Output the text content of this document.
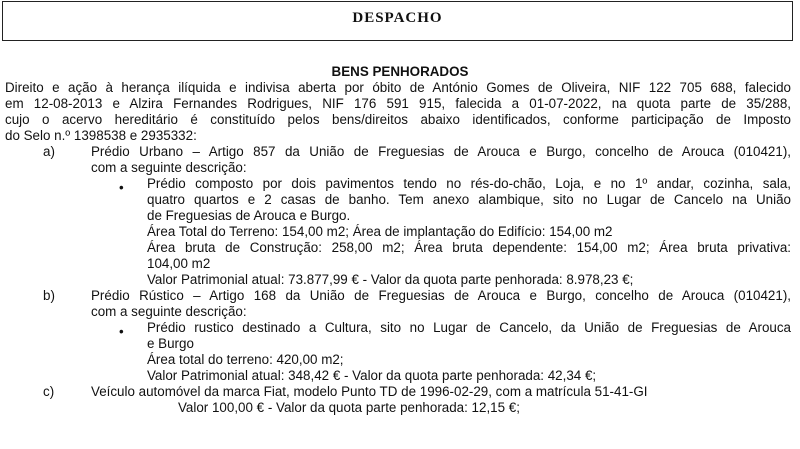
DESPACHO
BENS PENHORADOS
Direito e ação à herança ilíquida e indivisa aberta por óbito de António Gomes de Oliveira, NIF 122 705 688, falecido
em 12-08-2013 e Alzira Fernandes Rodrigues, NIF 176 591 915, falecida a 01-07-2022, na quota parte de 35/288,
cujo o acervo hereditário é constituído pelos bens/direitos abaixo identificados, conforme participação de Imposto
do Selo n.º 1398538 e 2935332:
a)	Prédio Urbano – Artigo 857 da União de Freguesias de Arouca e Burgo, concelho de Arouca (010421),
com a seguinte descrição:
• Prédio composto por dois pavimentos tendo no rés-do-chão, Loja, e no 1º andar, cozinha, sala,
quatro quartos e 2 casas de banho. Tem anexo alambique, sito no Lugar de Cancelo na União
de Freguesias de Arouca e Burgo.
Área Total do Terreno: 154,00 m2; Área de implantação do Edifício: 154,00 m2
Área bruta de Construção: 258,00 m2; Área bruta dependente: 154,00 m2; Área bruta privativa:
104,00 m2
Valor Patrimonial atual: 73.877,99 € - Valor da quota parte penhorada: 8.978,23 €;
b)	Prédio Rústico – Artigo 168 da União de Freguesias de Arouca e Burgo, concelho de Arouca (010421),
com a seguinte descrição:
• Prédio rustico destinado a Cultura, sito no Lugar de Cancelo, da União de Freguesias de Arouca
e Burgo
Área total do terreno: 420,00 m2;
Valor Patrimonial atual: 348,42 € - Valor da quota parte penhorada: 42,34 €;
c)	Veículo automóvel da marca Fiat, modelo Punto TD de 1996-02-29, com a matrícula 51-41-GI
Valor 100,00 € - Valor da quota parte penhorada: 12,15 €;
